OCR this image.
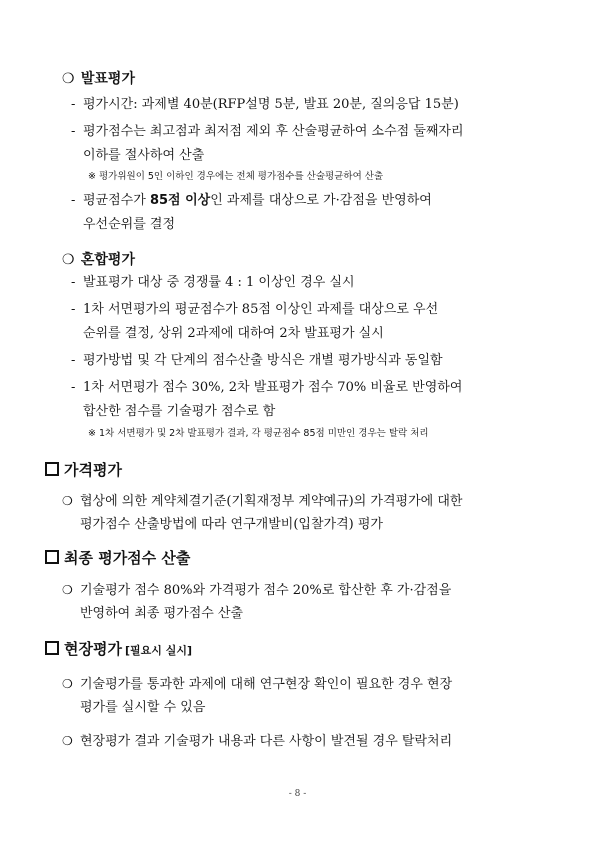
❍ 발표평가
- 평가시간: 과제별 40분(RFP설명 5분, 발표 20분, 질의응답 15분)
- 평가점수는 최고점과 최저점 제외 후 산술평균하여 소수점 둘째자리
이하를 절사하여 산출
※ 평가위원이 5인 이하인 경우에는 전체 평가점수를 산술평균하여 산출
- 평균점수가 85점 이상인 과제를 대상으로 가·감점을 반영하여
우선순위를 결정
❍ 혼합평가
- 발표평가 대상 중 경쟁률 4 : 1 이상인 경우 실시
- 1차 서면평가의 평균점수가 85점 이상인 과제를 대상으로 우선
순위를 결정, 상위 2과제에 대하여 2차 발표평가 실시
- 평가방법 및 각 단계의 점수산출 방식은 개별 평가방식과 동일함
- 1차 서면평가 점수 30%, 2차 발표평가 점수 70% 비율로 반영하여
합산한 점수를 기술평가 점수로 함
※ 1차 서면평가 및 2차 발표평가 결과, 각 평균점수 85점 미만인 경우는 탈락 처리
가격평가
❍ 협상에 의한 계약체결기준(기획재정부 계약예규)의 가격평가에 대한
평가점수 산출방법에 따라 연구개발비(입찰가격) 평가
최종 평가점수 산출
❍ 기술평가 점수 80%와 가격평가 점수 20%로 합산한 후 가·감점을
반영하여 최종 평가점수 산출
현장평가 [필요시 실시]
❍ 기술평가를 통과한 과제에 대해 연구현장 확인이 필요한 경우 현장
평가를 실시할 수 있음
❍ 현장평가 결과 기술평가 내용과 다른 사항이 발견될 경우 탈락처리
- 8 -
